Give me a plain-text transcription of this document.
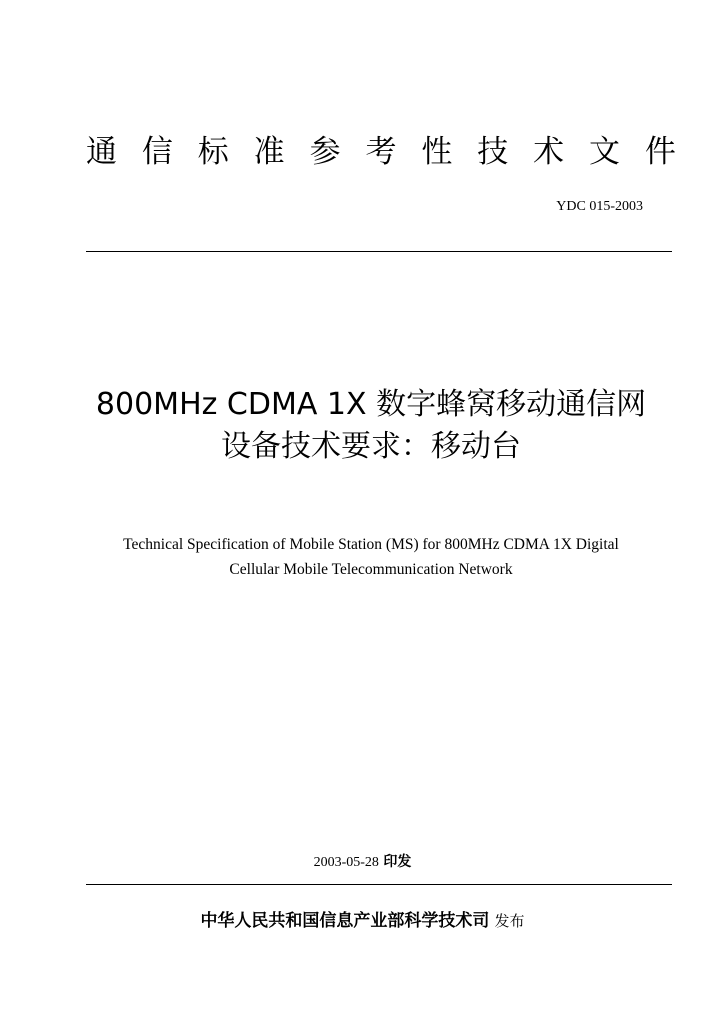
通 信 标 准 参 考 性 技 术 文 件
YDC 015-2003
800MHz CDMA 1X 数字蜂窝移动通信网
设备技术要求：移动台
Technical Specification of Mobile Station (MS) for 800MHz CDMA 1X Digital
Cellular Mobile Telecommunication Network
2003-05-28 印发
中华人民共和国信息产业部科学技术司 发布
